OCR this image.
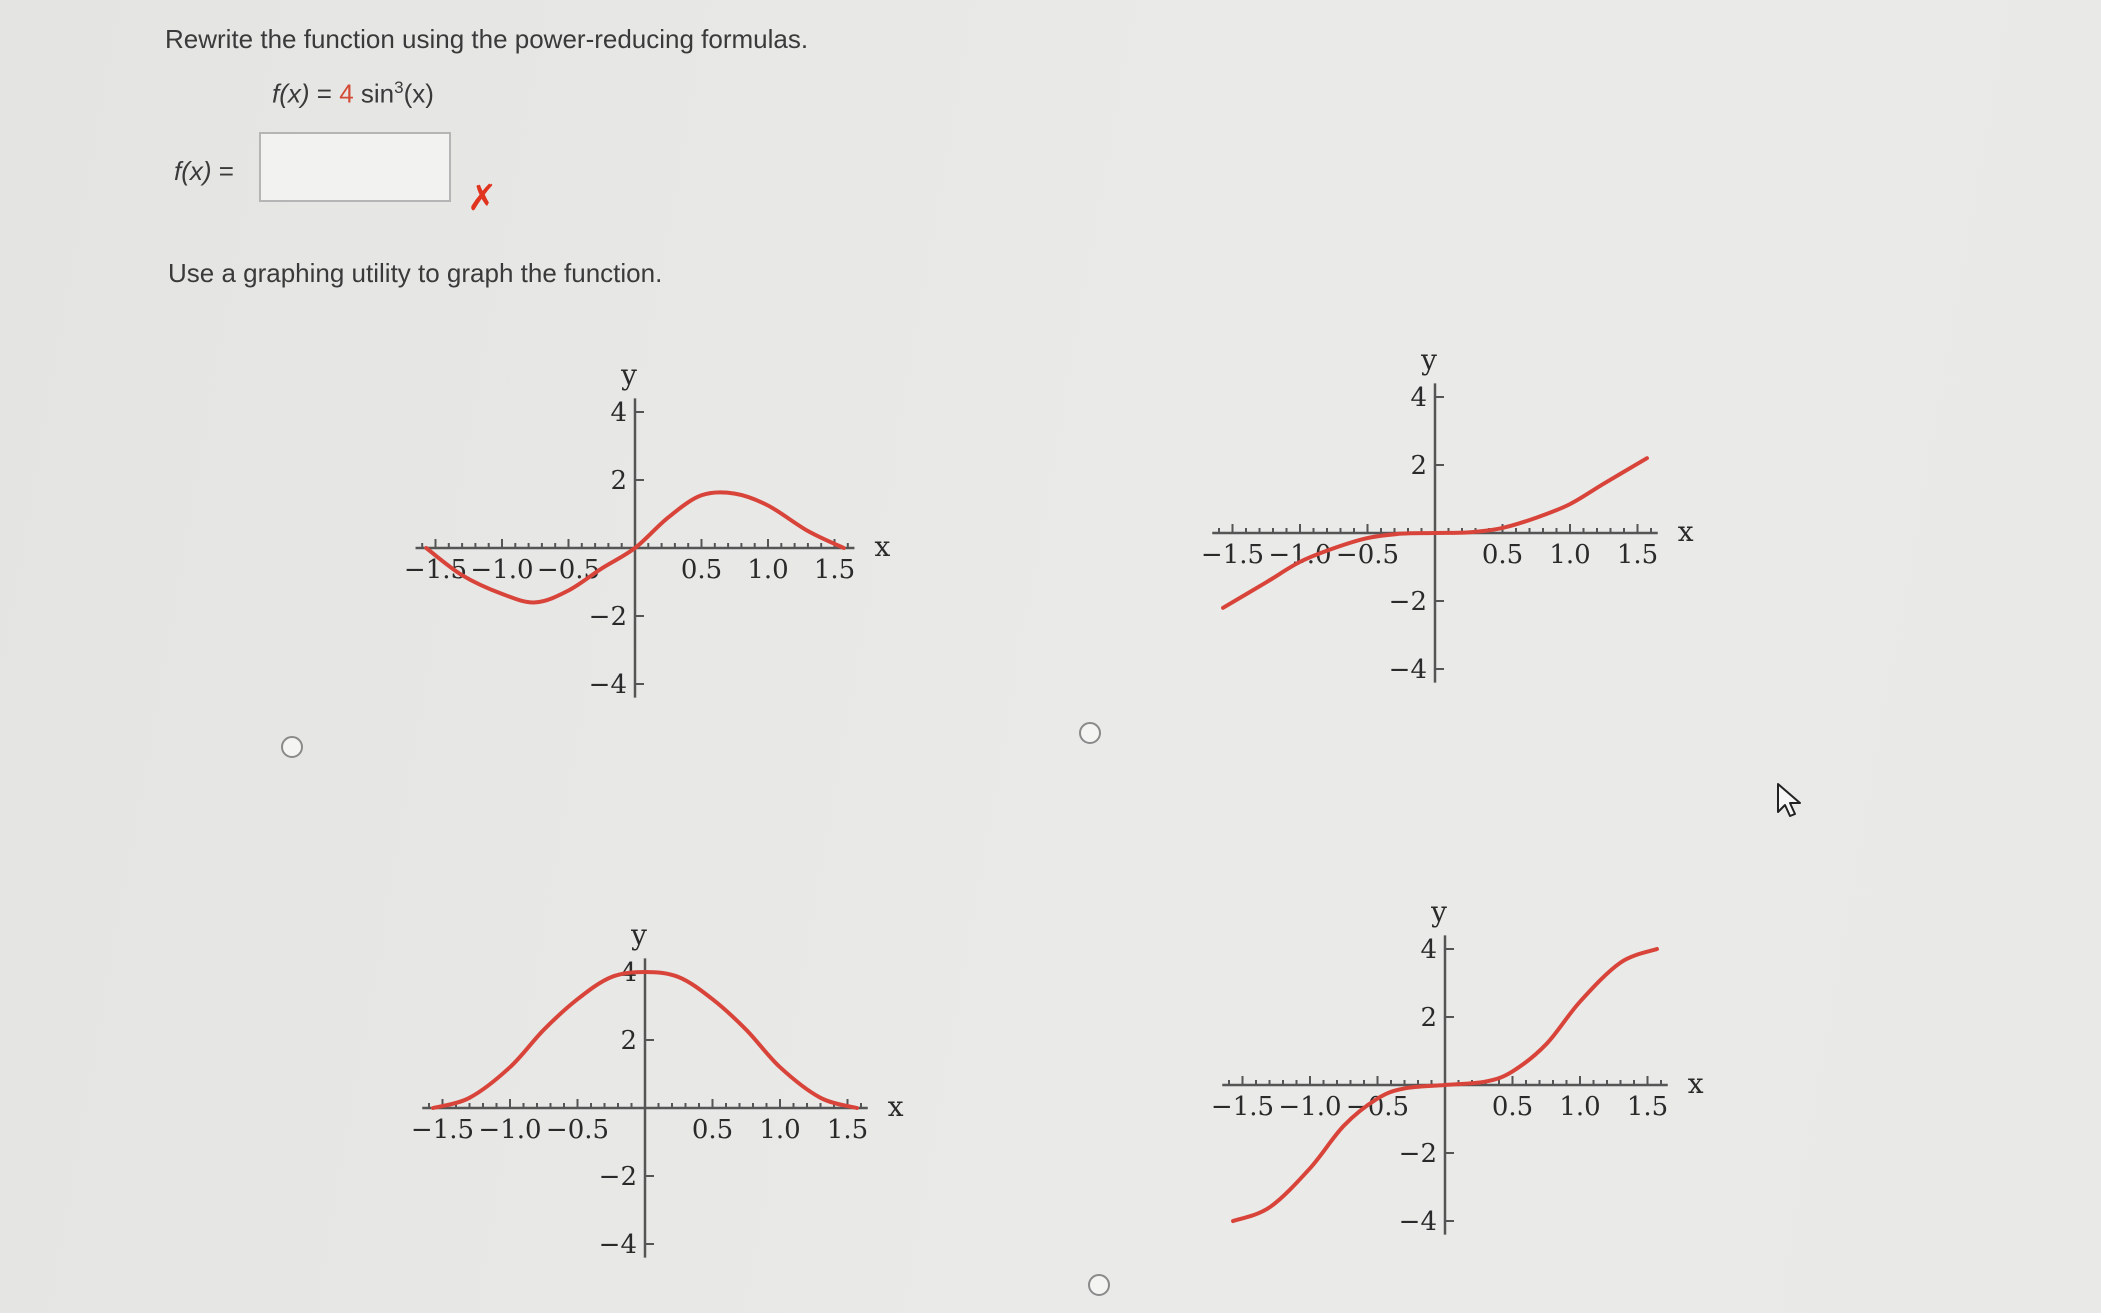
Rewrite the function using the power-reducing formulas.
f(x) = 4 $\sin^3(x)$
f(x) =
✗
Use a graphing utility to graph the function.
−1.5 −1.0 −0.5	0.5 1.0 1.5
4
2
−2
−4
x
y
−1.5 −1.0 −0.5	0.5 1.0 1.5
4
2
−2
−4
x
y
−1.5 −1.0 −0.5	0.5 1.0 1.5
4
2
−2
−4
x
y
−1.5 −1.0 −0.5	0.5 1.0 1.5
4
2
−2
−4
x
y
